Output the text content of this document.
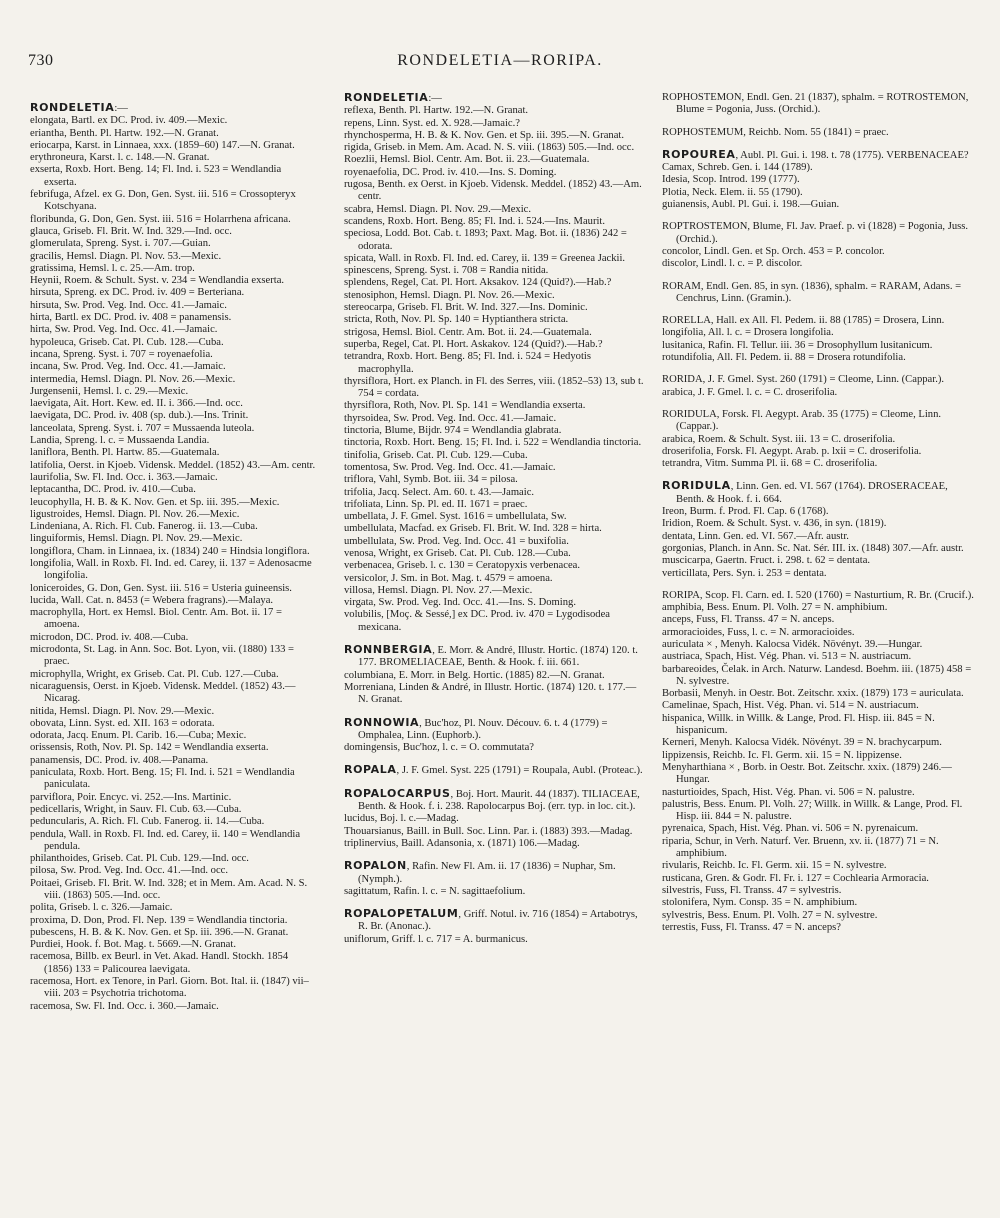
730	RONDELETIA—RORIPA.

RONDELETIA:—

elongata, Bartl. ex DC. Prod. iv. 409.—Mexic.

eriantha, Benth. Pl. Hartw. 192.—N. Granat.

eriocarpa, Karst. in Linnaea, xxx. (1859–60) 147.—N. Granat.

erythroneura, Karst. l. c. 148.—N. Granat.

exserta, Roxb. Hort. Beng. 14; Fl. Ind. i. 523 = Wendlandia exserta.

febrifuga, Afzel. ex G. Don, Gen. Syst. iii. 516 = Crossopteryx Kotschyana.

floribunda, G. Don, Gen. Syst. iii. 516 = Holarrhena africana.

glauca, Griseb. Fl. Brit. W. Ind. 329.—Ind. occ.

glomerulata, Spreng. Syst. i. 707.—Guian.

gracilis, Hemsl. Diagn. Pl. Nov. 53.—Mexic.

gratissima, Hemsl. l. c. 25.—Am. trop.

Heynii, Roem. & Schult. Syst. v. 234 = Wendlandia exserta.

hirsuta, Spreng. ex DC. Prod. iv. 409 = Berteriana.

hirsuta, Sw. Prod. Veg. Ind. Occ. 41.—Jamaic.

hirta, Bartl. ex DC. Prod. iv. 408 = panamensis.

hirta, Sw. Prod. Veg. Ind. Occ. 41.—Jamaic.

hypoleuca, Griseb. Cat. Pl. Cub. 128.—Cuba.

incana, Spreng. Syst. i. 707 = royenaefolia.

incana, Sw. Prod. Veg. Ind. Occ. 41.—Jamaic.

intermedia, Hemsl. Diagn. Pl. Nov. 26.—Mexic.

Jurgensenii, Hemsl. l. c. 29.—Mexic.

laevigata, Ait. Hort. Kew. ed. II. i. 366.—Ind. occ.

laevigata, DC. Prod. iv. 408 (sp. dub.).—Ins. Trinit.

lanceolata, Spreng. Syst. i. 707 = Mussaenda luteola.

Landia, Spreng. l. c. = Mussaenda Landia.

laniflora, Benth. Pl. Hartw. 85.—Guatemala.

latifolia, Oerst. in Kjoeb. Vidensk. Meddel. (1852) 43.—Am. centr.

laurifolia, Sw. Fl. Ind. Occ. i. 363.—Jamaic.

leptacantha, DC. Prod. iv. 410.—Cuba.

leucophylla, H. B. & K. Nov. Gen. et Sp. iii. 395.—Mexic.

ligustroides, Hemsl. Diagn. Pl. Nov. 26.—Mexic.

Lindeniana, A. Rich. Fl. Cub. Fanerog. ii. 13.—Cuba.

linguiformis, Hemsl. Diagn. Pl. Nov. 29.—Mexic.

longiflora, Cham. in Linnaea, ix. (1834) 240 = Hindsia longiflora.

longifolia, Wall. in Roxb. Fl. Ind. ed. Carey, ii. 137 = Adenosacme longifolia.

loniceroides, G. Don, Gen. Syst. iii. 516 = Usteria guineensis.

lucida, Wall. Cat. n. 8453 (= Webera fragrans).—Malaya.

macrophylla, Hort. ex Hemsl. Biol. Centr. Am. Bot. ii. 17 = amoena.

microdon, DC. Prod. iv. 408.—Cuba.

microdonta, St. Lag. in Ann. Soc. Bot. Lyon, vii. (1880) 133 = praec.

microphylla, Wright, ex Griseb. Cat. Pl. Cub. 127.—Cuba.

nicaraguensis, Oerst. in Kjoeb. Vidensk. Meddel. (1852) 43.—Nicarag.

nitida, Hemsl. Diagn. Pl. Nov. 29.—Mexic.

obovata, Linn. Syst. ed. XII. 163 = odorata.

odorata, Jacq. Enum. Pl. Carib. 16.—Cuba; Mexic.

orissensis, Roth, Nov. Pl. Sp. 142 = Wendlandia exserta.

panamensis, DC. Prod. iv. 408.—Panama.

paniculata, Roxb. Hort. Beng. 15; Fl. Ind. i. 521 = Wendlandia paniculata.

parviflora, Poir. Encyc. vi. 252.—Ins. Martinic.

pedicellaris, Wright, in Sauv. Fl. Cub. 63.—Cuba.

peduncularis, A. Rich. Fl. Cub. Fanerog. ii. 14.—Cuba.

pendula, Wall. in Roxb. Fl. Ind. ed. Carey, ii. 140 = Wendlandia pendula.

philanthoides, Griseb. Cat. Pl. Cub. 129.—Ind. occ.

pilosa, Sw. Prod. Veg. Ind. Occ. 41.—Ind. occ.

Poitaei, Griseb. Fl. Brit. W. Ind. 328; et in Mem. Am. Acad. N. S. viii. (1863) 505.—Ind. occ.

polita, Griseb. l. c. 326.—Jamaic.

proxima, D. Don, Prod. Fl. Nep. 139 = Wendlandia tinctoria.

pubescens, H. B. & K. Nov. Gen. et Sp. iii. 396.—N. Granat.

Purdiei, Hook. f. Bot. Mag. t. 5669.—N. Granat.

racemosa, Billb. ex Beurl. in Vet. Akad. Handl. Stockh. 1854 (1856) 133 = Palicourea laevigata.

racemosa, Hort. ex Tenore, in Parl. Giorn. Bot. Ital. ii. (1847) vii–viii. 203 = Psychotria trichotoma.

racemosa, Sw. Fl. Ind. Occ. i. 360.—Jamaic.

RONDELETIA:—

reflexa, Benth. Pl. Hartw. 192.—N. Granat.

repens, Linn. Syst. ed. X. 928.—Jamaic.?

rhynchosperma, H. B. & K. Nov. Gen. et Sp. iii. 395.—N. Granat.

rigida, Griseb. in Mem. Am. Acad. N. S. viii. (1863) 505.—Ind. occ.

Roezlii, Hemsl. Biol. Centr. Am. Bot. ii. 23.—Guatemala.

royenaefolia, DC. Prod. iv. 410.—Ins. S. Doming.

rugosa, Benth. ex Oerst. in Kjoeb. Vidensk. Meddel. (1852) 43.—Am. centr.

scabra, Hemsl. Diagn. Pl. Nov. 29.—Mexic.

scandens, Roxb. Hort. Beng. 85; Fl. Ind. i. 524.—Ins. Maurit.

speciosa, Lodd. Bot. Cab. t. 1893; Paxt. Mag. Bot. ii. (1836) 242 = odorata.

spicata, Wall. in Roxb. Fl. Ind. ed. Carey, ii. 139 = Greenea Jackii.

spinescens, Spreng. Syst. i. 708 = Randia nitida.

splendens, Regel, Cat. Pl. Hort. Aksakov. 124 (Quid?).—Hab.?

stenosiphon, Hemsl. Diagn. Pl. Nov. 26.—Mexic.

stereocarpa, Griseb. Fl. Brit. W. Ind. 327.—Ins. Dominic.

stricta, Roth, Nov. Pl. Sp. 140 = Hyptianthera stricta.

strigosa, Hemsl. Biol. Centr. Am. Bot. ii. 24.—Guatemala.

superba, Regel, Cat. Pl. Hort. Askakov. 124 (Quid?).—Hab.?

tetrandra, Roxb. Hort. Beng. 85; Fl. Ind. i. 524 = Hedyotis macrophylla.

thyrsiflora, Hort. ex Planch. in Fl. des Serres, viii. (1852–53) 13, sub t. 754 = cordata.

thyrsiflora, Roth, Nov. Pl. Sp. 141 = Wendlandia exserta.

thyrsoidea, Sw. Prod. Veg. Ind. Occ. 41.—Jamaic.

tinctoria, Blume, Bijdr. 974 = Wendlandia glabrata.

tinctoria, Roxb. Hort. Beng. 15; Fl. Ind. i. 522 = Wendlandia tinctoria.

tinifolia, Griseb. Cat. Pl. Cub. 129.—Cuba.

tomentosa, Sw. Prod. Veg. Ind. Occ. 41.—Jamaic.

triflora, Vahl, Symb. Bot. iii. 34 = pilosa.

trifolia, Jacq. Select. Am. 60. t. 43.—Jamaic.

trifoliata, Linn. Sp. Pl. ed. II. 1671 = praec.

umbellata, J. F. Gmel. Syst. 1616 = umbellulata, Sw.

umbellulata, Macfad. ex Griseb. Fl. Brit. W. Ind. 328 = hirta.

umbellulata, Sw. Prod. Veg. Ind. Occ. 41 = buxifolia.

venosa, Wright, ex Griseb. Cat. Pl. Cub. 128.—Cuba.

verbenacea, Griseb. l. c. 130 = Ceratopyxis verbenacea.

versicolor, J. Sm. in Bot. Mag. t. 4579 = amoena.

villosa, Hemsl. Diagn. Pl. Nov. 27.—Mexic.

virgata, Sw. Prod. Veg. Ind. Occ. 41.—Ins. S. Doming.

volubilis, [Moç. & Sessé,] ex DC. Prod. iv. 470 = Lygodisodea mexicana.

RONNBERGIA, E. Morr. & André, Illustr. Hortic. (1874) 120. t. 177. BROMELIACEAE, Benth. & Hook. f. iii. 661.

columbiana, E. Morr. in Belg. Hortic. (1885) 82.—N. Granat.

Morreniana, Linden & André, in Illustr. Hortic. (1874) 120. t. 177.—N. Granat.

RONNOWIA, Buc'hoz, Pl. Nouv. Découv. 6. t. 4 (1779) = Omphalea, Linn. (Euphorb.).

domingensis, Buc'hoz, l. c. = O. commutata?

ROPALA, J. F. Gmel. Syst. 225 (1791) = Roupala, Aubl. (Proteac.).

ROPALOCARPUS, Boj. Hort. Maurit. 44 (1837). TILIACEAE, Benth. & Hook. f. i. 238. Rapolocarpus Boj. (err. typ. in loc. cit.).

lucidus, Boj. l. c.—Madag.

Thouarsianus, Baill. in Bull. Soc. Linn. Par. i. (1883) 393.—Madag.

triplinervius, Baill. Adansonia, x. (1871) 106.—Madag.

ROPALON, Rafin. New Fl. Am. ii. 17 (1836) = Nuphar, Sm. (Nymph.).

sagittatum, Rafin. l. c. = N. sagittaefolium.

ROPALOPETALUM, Griff. Notul. iv. 716 (1854) = Artabotrys, R. Br. (Anonac.).

uniflorum, Griff. l. c. 717 = A. burmanicus.

ROPHOSTEMON, Endl. Gen. 21 (1837), sphalm. = ROTROSTEMON, Blume = Pogonia, Juss. (Orchid.).

ROPHOSTEMUM, Reichb. Nom. 55 (1841) = praec.

ROPOUREA, Aubl. Pl. Gui. i. 198. t. 78 (1775). VERBENACEAE?

Camax, Schreb. Gen. i. 144 (1789).

Idesia, Scop. Introd. 199 (1777).

Plotia, Neck. Elem. ii. 55 (1790).

guianensis, Aubl. Pl. Gui. i. 198.—Guian.

ROPTROSTEMON, Blume, Fl. Jav. Praef. p. vi (1828) = Pogonia, Juss. (Orchid.).

concolor, Lindl. Gen. et Sp. Orch. 453 = P. concolor.

discolor, Lindl. l. c. = P. discolor.

RORAM, Endl. Gen. 85, in syn. (1836), sphalm. = RARAM, Adans. = Cenchrus, Linn. (Gramin.).

RORELLA, Hall. ex All. Fl. Pedem. ii. 88 (1785) = Drosera, Linn.

longifolia, All. l. c. = Drosera longifolia.

lusitanica, Rafin. Fl. Tellur. iii. 36 = Drosophyllum lusitanicum.

rotundifolia, All. Fl. Pedem. ii. 88 = Drosera rotundifolia.

RORIDA, J. F. Gmel. Syst. 260 (1791) = Cleome, Linn. (Cappar.).

arabica, J. F. Gmel. l. c. = C. droserifolia.

RORIDULA, Forsk. Fl. Aegypt. Arab. 35 (1775) = Cleome, Linn. (Cappar.).

arabica, Roem. & Schult. Syst. iii. 13 = C. droserifolia.

droserifolia, Forsk. Fl. Aegypt. Arab. p. lxii = C. droserifolia.

tetrandra, Vitm. Summa Pl. ii. 68 = C. droserifolia.

RORIDULA, Linn. Gen. ed. VI. 567 (1764). DROSERACEAE, Benth. & Hook. f. i. 664.

Ireon, Burm. f. Prod. Fl. Cap. 6 (1768).

Iridion, Roem. & Schult. Syst. v. 436, in syn. (1819).

dentata, Linn. Gen. ed. VI. 567.—Afr. austr.

gorgonias, Planch. in Ann. Sc. Nat. Sér. III. ix. (1848) 307.—Afr. austr.

muscicarpa, Gaertn. Fruct. i. 298. t. 62 = dentata.

verticillata, Pers. Syn. i. 253 = dentata.

RORIPA, Scop. Fl. Carn. ed. I. 520 (1760) = Nasturtium, R. Br. (Crucif.).

amphibia, Bess. Enum. Pl. Volh. 27 = N. amphibium.

anceps, Fuss, Fl. Transs. 47 = N. anceps.

armoracioides, Fuss, l. c. = N. armoracioides.

auriculata × , Menyh. Kalocsa Vidék. Növényt. 39.—Hungar.

austriaca, Spach, Hist. Vég. Phan. vi. 513 = N. austriacum.

barbareoides, Čelak. in Arch. Naturw. Landesd. Boehm. iii. (1875) 458 = N. sylvestre.

Borbasii, Menyh. in Oestr. Bot. Zeitschr. xxix. (1879) 173 = auriculata.

Camelinae, Spach, Hist. Vég. Phan. vi. 514 = N. austriacum.

hispanica, Willk. in Willk. & Lange, Prod. Fl. Hisp. iii. 845 = N. hispanicum.

Kerneri, Menyh. Kalocsa Vidék. Növényt. 39 = N. brachycarpum.

lippizensis, Reichb. Ic. Fl. Germ. xii. 15 = N. lippizense.

Menyharthiana × , Borb. in Oestr. Bot. Zeitschr. xxix. (1879) 246.—Hungar.

nasturtioides, Spach, Hist. Vég. Phan. vi. 506 = N. palustre.

palustris, Bess. Enum. Pl. Volh. 27; Willk. in Willk. & Lange, Prod. Fl. Hisp. iii. 844 = N. palustre.

pyrenaica, Spach, Hist. Vég. Phan. vi. 506 = N. pyrenaicum.

riparia, Schur, in Verh. Naturf. Ver. Bruenn, xv. ii. (1877) 71 = N. amphibium.

rivularis, Reichb. Ic. Fl. Germ. xii. 15 = N. sylvestre.

rusticana, Gren. & Godr. Fl. Fr. i. 127 = Cochlearia Armoracia.

silvestris, Fuss, Fl. Transs. 47 = sylvestris.

stolonifera, Nym. Consp. 35 = N. amphibium.

sylvestris, Bess. Enum. Pl. Volh. 27 = N. sylvestre.

terrestis, Fuss, Fl. Transs. 47 = N. anceps?
